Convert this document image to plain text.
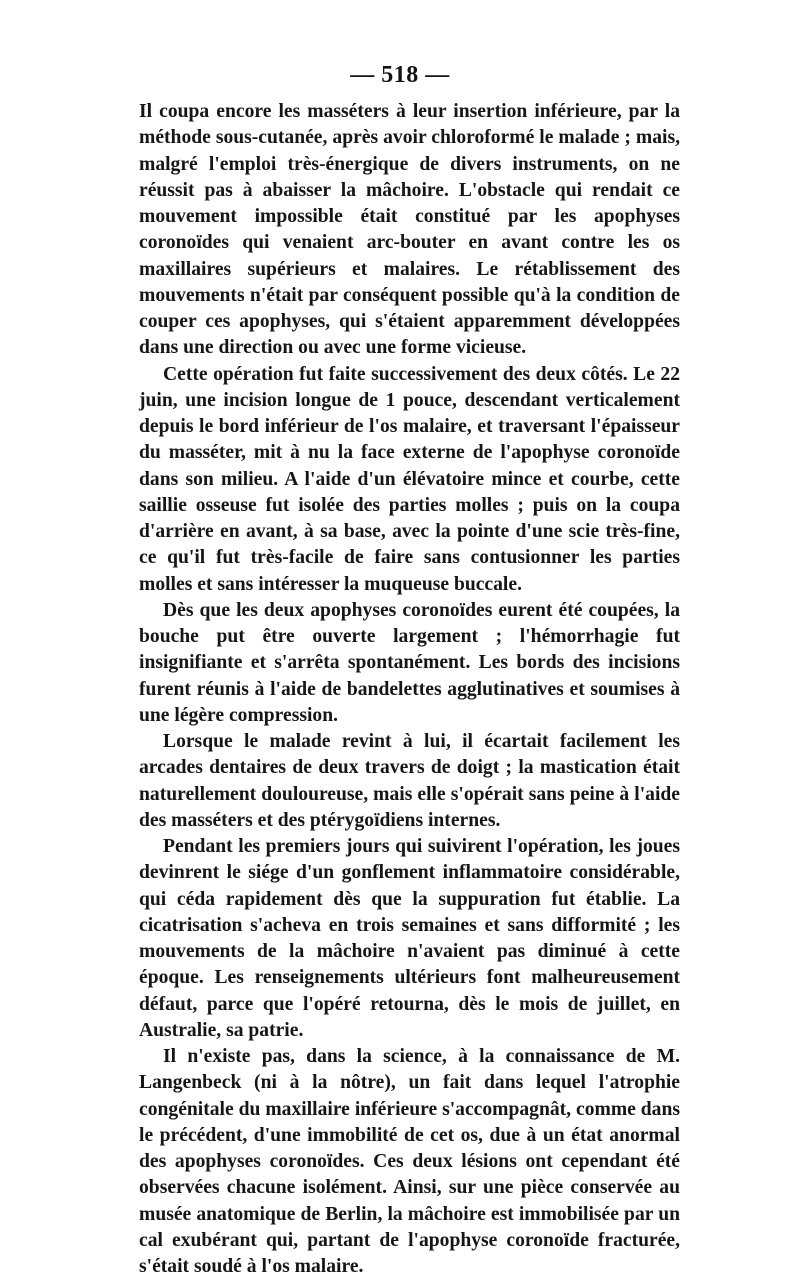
— 518 —

Il coupa encore les masséters à leur insertion inférieure, par la méthode sous-cutanée, après avoir chloroformé le malade ; mais, malgré l'emploi très-énergique de divers instruments, on ne réussit pas à abaisser la mâchoire. L'obstacle qui rendait ce mouvement impossible était constitué par les apophyses coronoïdes qui venaient arc-bouter en avant contre les os maxillaires supérieurs et malaires. Le rétablissement des mouvements n'était par conséquent possible qu'à la condition de couper ces apophyses, qui s'étaient apparemment développées dans une direction ou avec une forme vicieuse.

Cette opération fut faite successivement des deux côtés. Le 22 juin, une incision longue de 1 pouce, descendant verticalement depuis le bord inférieur de l'os malaire, et traversant l'épaisseur du masséter, mit à nu la face externe de l'apophyse coronoïde dans son milieu. A l'aide d'un élévatoire mince et courbe, cette saillie osseuse fut isolée des parties molles ; puis on la coupa d'arrière en avant, à sa base, avec la pointe d'une scie très-fine, ce qu'il fut très-facile de faire sans contusionner les parties molles et sans intéresser la muqueuse buccale.

Dès que les deux apophyses coronoïdes eurent été coupées, la bouche put être ouverte largement ; l'hémorrhagie fut insignifiante et s'arrêta spontanément. Les bords des incisions furent réunis à l'aide de bandelettes agglutinatives et soumises à une légère compression.

Lorsque le malade revint à lui, il écartait facilement les arcades dentaires de deux travers de doigt ; la mastication était naturellement douloureuse, mais elle s'opérait sans peine à l'aide des masséters et des ptérygoïdiens internes.

Pendant les premiers jours qui suivirent l'opération, les joues devinrent le siége d'un gonflement inflammatoire considérable, qui céda rapidement dès que la suppuration fut établie. La cicatrisation s'acheva en trois semaines et sans difformité ; les mouvements de la mâchoire n'avaient pas diminué à cette époque. Les renseignements ultérieurs font malheureusement défaut, parce que l'opéré retourna, dès le mois de juillet, en Australie, sa patrie.

Il n'existe pas, dans la science, à la connaissance de M. Langenbeck (ni à la nôtre), un fait dans lequel l'atrophie congénitale du maxillaire inférieure s'accompagnât, comme dans le précédent, d'une immobilité de cet os, due à un état anormal des apophyses coronoïdes. Ces deux lésions ont cependant été observées chacune isolément. Ainsi, sur une pièce conservée au musée anatomique de Berlin, la mâchoire est immobilisée par un cal exubérant qui, partant de l'apophyse coronoïde fracturée, s'était soudé à l'os malaire.
